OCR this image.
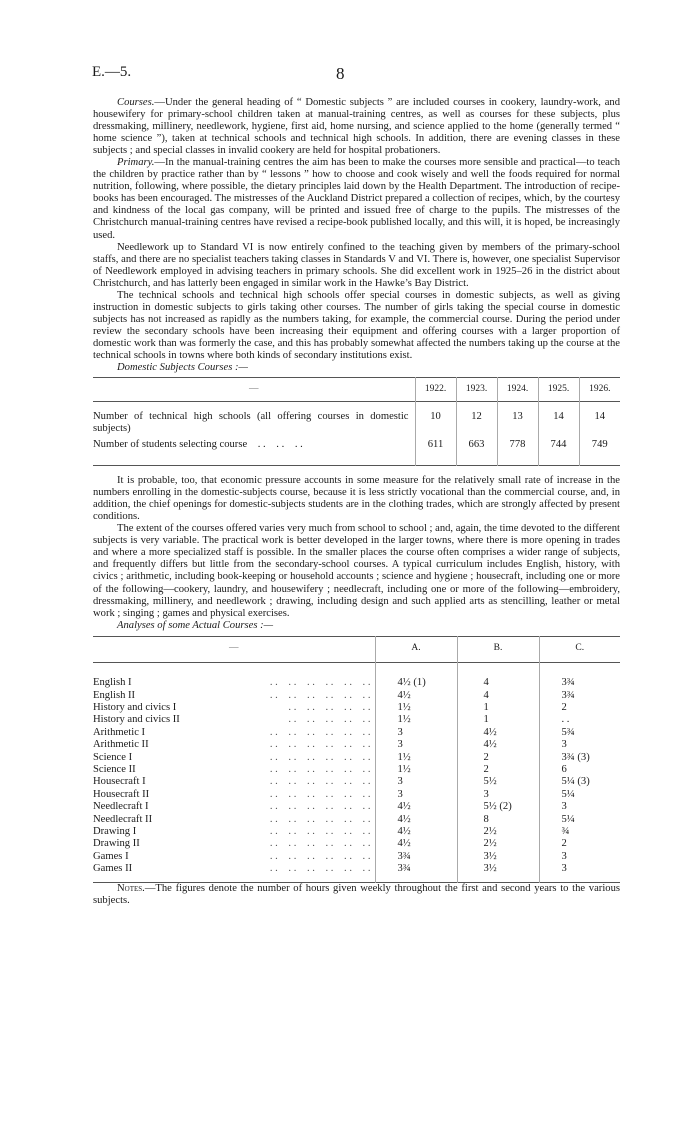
E.—5.	8

Courses.—Under the general heading of “ Domestic subjects ” are included courses in cookery, laundry-work, and housewifery for primary-school children taken at manual-training centres, as well as courses for these subjects, plus dressmaking, millinery, needlework, hygiene, first aid, home nursing, and science applied to the home (generally termed “ home science ”), taken at technical schools and technical high schools. In addition, there are evening classes in these subjects ; and special classes in invalid cookery are held for hospital probationers.

Primary.—In the manual-training centres the aim has been to make the courses more sensible and practical—to teach the children by practice rather than by “ lessons ” how to choose and cook wisely and well the foods required for normal nutrition, following, where possible, the dietary principles laid down by the Health Department. The introduction of recipe-books has been encouraged. The mistresses of the Auckland District prepared a collection of recipes, which, by the courtesy and kindness of the local gas company, will be printed and issued free of charge to the pupils. The mistresses of the Christchurch manual-training centres have revised a recipe-book published locally, and this will, it is hoped, be increasingly used.

Needlework up to Standard VI is now entirely confined to the teaching given by members of the primary-school staffs, and there are no specialist teachers taking classes in Standards V and VI. There is, however, one specialist Supervisor of Needlework employed in advising teachers in primary schools. She did excellent work in 1925–26 in the district about Christchurch, and has latterly been engaged in similar work in the Hawke’s Bay District.

The technical schools and technical high schools offer special courses in domestic subjects, as well as giving instruction in domestic subjects to girls taking other courses. The number of girls taking the special course in domestic subjects has not increased as rapidly as the numbers taking, for example, the commercial course. During the period under review the secondary schools have been increasing their equipment and offering courses with a larger proportion of domestic work than was formerly the case, and this has probably somewhat affected the numbers taking up the course at the technical schools in towns where both kinds of secondary institutions exist.

Domestic Subjects Courses :—

—	1922.	1923.	1924.	1925.	1926.
Number of technical high schools (all offering courses in domestic subjects)	10	12	13	14	14
Number of students selecting course    . .    . .    . .	611	663	778	744	749

It is probable, too, that economic pressure accounts in some measure for the relatively small rate of increase in the numbers enrolling in the domestic-subjects course, because it is less strictly vocational than the commercial course, and, in addition, the chief openings for domestic-subjects students are in the clothing trades, which are strongly affected by present conditions.

The extent of the courses offered varies very much from school to school ; and, again, the time devoted to the different subjects is very variable. The practical work is better developed in the larger towns, where there is more opening in trades and where a more specialized staff is possible. In the smaller places the course often comprises a wider range of subjects, and frequently differs but little from the secondary-school courses. A typical curriculum includes English, history, with civics ; arithmetic, including book-keeping or household accounts ; science and hygiene ; housecraft, including one or more of the following—cookery, laundry, and housewifery ; needlecraft, including one or more of the following—embroidery, dressmaking, millinery, and needlework ; drawing, including design and such applied arts as stencilling, leather or metal work ; singing ; games and physical exercises.

Analyses of some Actual Courses :—

—	A.	B.	C.
English I . .    . .    . .    . .    . .    . .	4½ (1)	4	3¾
English II . .    . .    . .    . .    . .    . .	4½	4	3¾
History and civics I . .    . .    . .    . .    . .	1½	1	2
History and civics II . .    . .    . .    . .    . .	1½	1	. .
Arithmetic I . .    . .    . .    . .    . .    . .	3	4½	5¾
Arithmetic II . .    . .    . .    . .    . .    . .	3	4½	3
Science I . .    . .    . .    . .    . .    . .	1½	2	3¾ (3)
Science II . .    . .    . .    . .    . .    . .	1½	2	6
Housecraft I . .    . .    . .    . .    . .    . .	3	5½	5¼ (3)
Housecraft II . .    . .    . .    . .    . .    . .	3	3	5¼
Needlecraft I . .    . .    . .    . .    . .    . .	4½	5½ (2)	3
Needlecraft II . .    . .    . .    . .    . .    . .	4½	8	5¼
Drawing I . .    . .    . .    . .    . .    . .	4½	2½	¾
Drawing II . .    . .    . .    . .    . .    . .	4½	2½	2
Games I . .    . .    . .    . .    . .    . .	3¾	3½	3
Games II . .    . .    . .    . .    . .    . .	3¾	3½	3

Notes.—The figures denote the number of hours given weekly throughout the first and second years to the various subjects.
